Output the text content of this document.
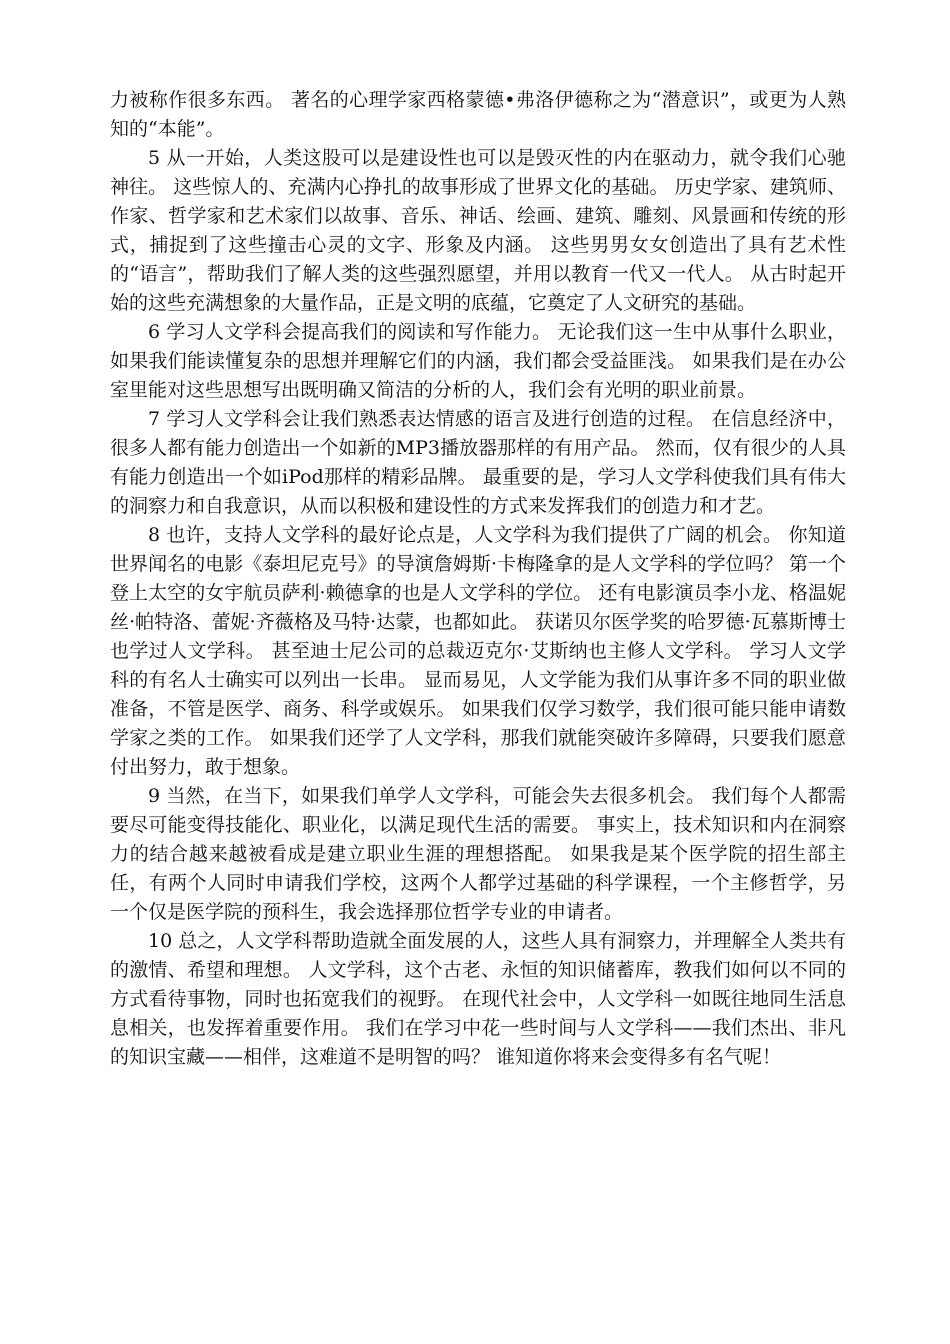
力被称作很多东西。 著名的心理学家西格蒙德•弗洛伊德称之为“潜意识”，或更为人熟知的“本能”。

5 从一开始，人类这股可以是建设性也可以是毁灭性的内在驱动力，就令我们心驰神往。 这些惊人的、充满内心挣扎的故事形成了世界文化的基础。 历史学家、建筑师、作家、哲学家和艺术家们以故事、音乐、神话、绘画、建筑、雕刻、风景画和传统的形式，捕捉到了这些撞击心灵的文字、形象及内涵。 这些男男女女创造出了具有艺术性的“语言”，帮助我们了解人类的这些强烈愿望，并用以教育一代又一代人。 从古时起开始的这些充满想象的大量作品，正是文明的底蕴，它奠定了人文研究的基础。

6 学习人文学科会提高我们的阅读和写作能力。 无论我们这一生中从事什么职业，如果我们能读懂复杂的思想并理解它们的内涵，我们都会受益匪浅。 如果我们是在办公室里能对这些思想写出既明确又简洁的分析的人，我们会有光明的职业前景。

7 学习人文学科会让我们熟悉表达情感的语言及进行创造的过程。 在信息经济中，很多人都有能力创造出一个如新的MP3播放器那样的有用产品。 然而，仅有很少的人具有能力创造出一个如iPod那样的精彩品牌。 最重要的是，学习人文学科使我们具有伟大的洞察力和自我意识，从而以积极和建设性的方式来发挥我们的创造力和才艺。

8 也许，支持人文学科的最好论点是，人文学科为我们提供了广阔的机会。 你知道世界闻名的电影《泰坦尼克号》的导演詹姆斯·卡梅隆拿的是人文学科的学位吗？ 第一个登上太空的女宇航员萨利·赖德拿的也是人文学科的学位。 还有电影演员李小龙、格温妮丝·帕特洛、蕾妮·齐薇格及马特·达蒙，也都如此。 获诺贝尔医学奖的哈罗德·瓦慕斯博士也学过人文学科。 甚至迪士尼公司的总裁迈克尔·艾斯纳也主修人文学科。 学习人文学科的有名人士确实可以列出一长串。 显而易见，人文学能为我们从事许多不同的职业做准备，不管是医学、商务、科学或娱乐。 如果我们仅学习数学，我们很可能只能申请数学家之类的工作。 如果我们还学了人文学科，那我们就能突破许多障碍，只要我们愿意付出努力，敢于想象。

9 当然，在当下，如果我们单学人文学科，可能会失去很多机会。 我们每个人都需要尽可能变得技能化、职业化，以满足现代生活的需要。 事实上，技术知识和内在洞察力的结合越来越被看成是建立职业生涯的理想搭配。 如果我是某个医学院的招生部主任，有两个人同时申请我们学校，这两个人都学过基础的科学课程，一个主修哲学，另一个仅是医学院的预科生，我会选择那位哲学专业的申请者。

10 总之，人文学科帮助造就全面发展的人，这些人具有洞察力，并理解全人类共有的激情、希望和理想。 人文学科，这个古老、永恒的知识储蓄库，教我们如何以不同的方式看待事物，同时也拓宽我们的视野。 在现代社会中，人文学科一如既往地同生活息息相关，也发挥着重要作用。 我们在学习中花一些时间与人文学科——我们杰出、非凡的知识宝藏——相伴，这难道不是明智的吗？ 谁知道你将来会变得多有名气呢！
